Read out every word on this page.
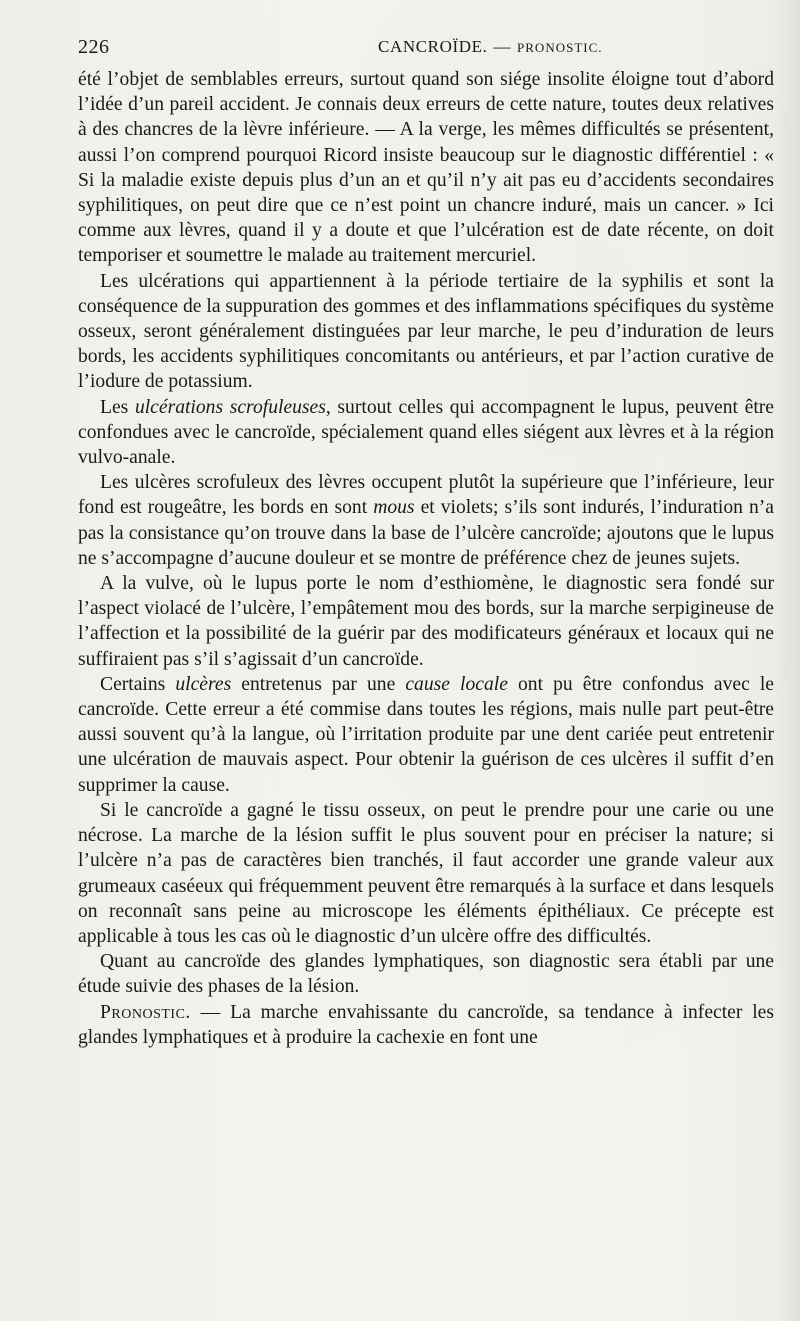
226	CANCROÏDE. — PRONOSTIC.

été l’objet de semblables erreurs, surtout quand son siége insolite éloigne tout d’abord l’idée d’un pareil accident. Je connais deux erreurs de cette nature, toutes deux relatives à des chancres de la lèvre inférieure. — A la verge, les mêmes difficultés se présentent, aussi l’on comprend pourquoi Ricord insiste beaucoup sur le diagnostic différentiel : « Si la maladie existe depuis plus d’un an et qu’il n’y ait pas eu d’accidents secondaires syphilitiques, on peut dire que ce n’est point un chancre induré, mais un cancer. » Ici comme aux lèvres, quand il y a doute et que l’ulcération est de date récente, on doit temporiser et soumettre le malade au traitement mercuriel.

Les ulcérations qui appartiennent à la période tertiaire de la syphilis et sont la conséquence de la suppuration des gommes et des inflammations spécifiques du système osseux, seront généralement distinguées par leur marche, le peu d’induration de leurs bords, les accidents syphilitiques concomitants ou antérieurs, et par l’action curative de l’iodure de potassium.

Les ulcérations scrofuleuses, surtout celles qui accompagnent le lupus, peuvent être confondues avec le cancroïde, spécialement quand elles siégent aux lèvres et à la région vulvo-anale.

Les ulcères scrofuleux des lèvres occupent plutôt la supérieure que l’inférieure, leur fond est rougeâtre, les bords en sont mous et violets; s’ils sont indurés, l’induration n’a pas la consistance qu’on trouve dans la base de l’ulcère cancroïde; ajoutons que le lupus ne s’accompagne d’aucune douleur et se montre de préférence chez de jeunes sujets.

A la vulve, où le lupus porte le nom d’esthiomène, le diagnostic sera fondé sur l’aspect violacé de l’ulcère, l’empâtement mou des bords, sur la marche serpigineuse de l’affection et la possibilité de la guérir par des modificateurs généraux et locaux qui ne suffiraient pas s’il s’agissait d’un cancroïde.

Certains ulcères entretenus par une cause locale ont pu être confondus avec le cancroïde. Cette erreur a été commise dans toutes les régions, mais nulle part peut-être aussi souvent qu’à la langue, où l’irritation produite par une dent cariée peut entretenir une ulcération de mauvais aspect. Pour obtenir la guérison de ces ulcères il suffit d’en supprimer la cause.

Si le cancroïde a gagné le tissu osseux, on peut le prendre pour une carie ou une nécrose. La marche de la lésion suffit le plus souvent pour en préciser la nature; si l’ulcère n’a pas de caractères bien tranchés, il faut accorder une grande valeur aux grumeaux caséeux qui fréquemment peuvent être remarqués à la surface et dans lesquels on reconnaît sans peine au microscope les éléments épithéliaux. Ce précepte est applicable à tous les cas où le diagnostic d’un ulcère offre des difficultés.

Quant au cancroïde des glandes lymphatiques, son diagnostic sera établi par une étude suivie des phases de la lésion.

Pronostic. — La marche envahissante du cancroïde, sa tendance à infecter les glandes lymphatiques et à produire la cachexie en font une
